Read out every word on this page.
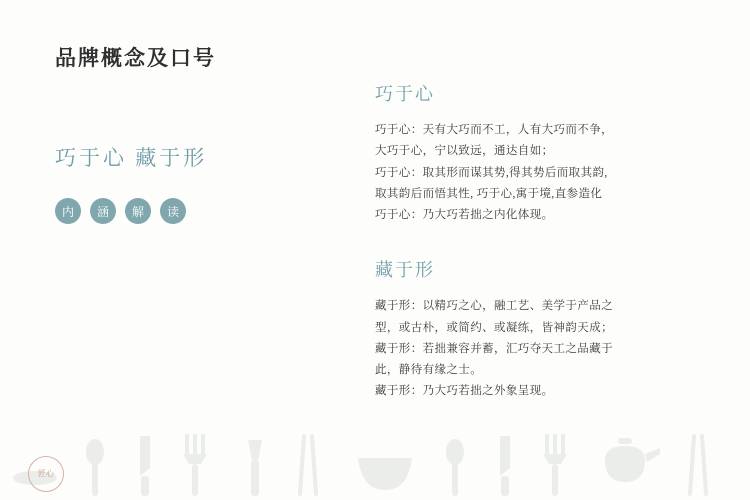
品牌概念及口号
巧于心 藏于形
内	涵	解	读
巧于心

巧于心：天有大巧而不工，人有大巧而不争，

大巧于心，宁以致远，通达自如；

巧于心：取其形而谋其势,得其势后而取其韵,

取其韵后而悟其性, 巧于心,寓于境,直参造化

巧于心：乃大巧若拙之内化体现。

藏于形

藏于形：以精巧之心，融工艺、美学于产品之

型，或古朴，或简约、或凝练，皆神韵天成；

藏于形：若拙兼容并蓄，汇巧夺天工之品藏于

此，静待有缘之士。

藏于形：乃大巧若拙之外象呈现。

匠心
